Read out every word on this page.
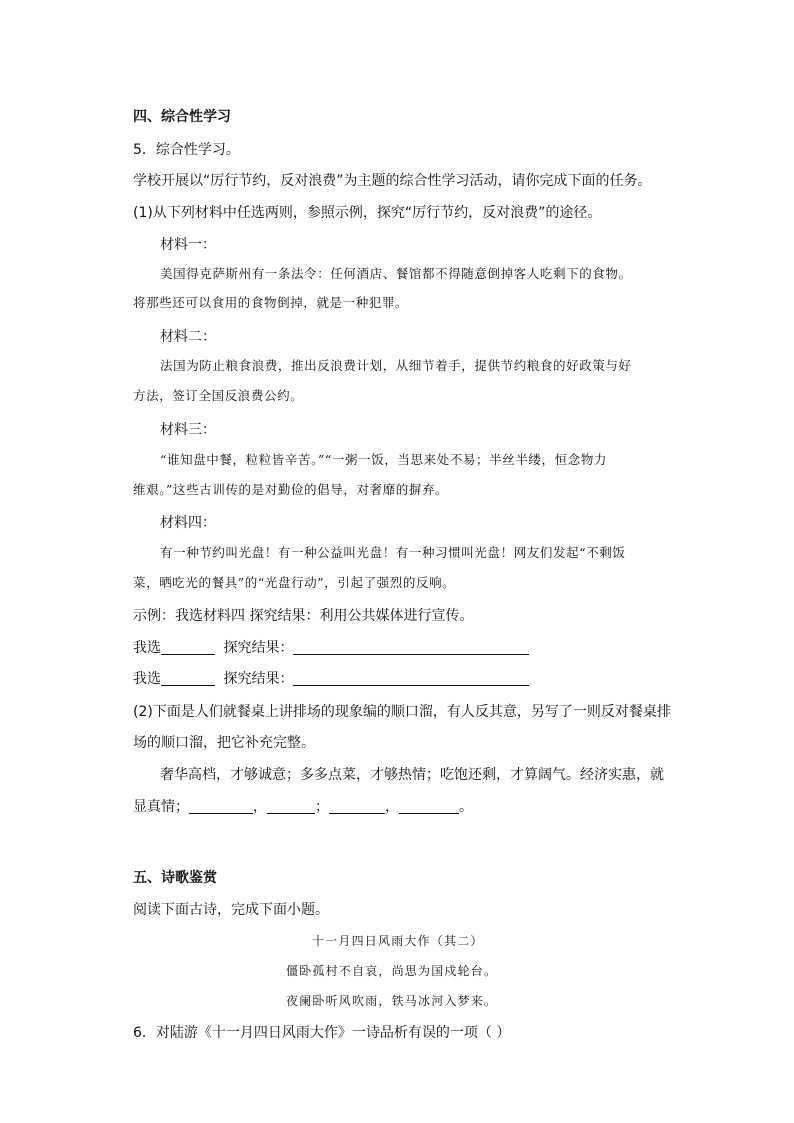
四、综合性学习
5．综合性学习。
学校开展以“厉行节约，反对浪费”为主题的综合性学习活动，请你完成下面的任务。
(1)从下列材料中任选两则，参照示例，探究“厉行节约，反对浪费”的途径。
材料一：
美国得克萨斯州有一条法令：任何酒店、餐馆都不得随意倒掉客人吃剩下的食物。
将那些还可以食用的食物倒掉，就是一种犯罪。
材料二：
法国为防止粮食浪费，推出反浪费计划，从细节着手，提供节约粮食的好政策与好
方法，签订全国反浪费公约。
材料三：
“谁知盘中餐，粒粒皆辛苦。”“一粥一饭，当思来处不易；半丝半缕，恒念物力
维艰。”这些古训传的是对勤俭的倡导，对奢靡的摒弃。
材料四：
有一种节约叫光盘！有一种公益叫光盘！有一种习惯叫光盘！网友们发起“不剩饭
菜，晒吃光的餐具”的“光盘行动”，引起了强烈的反响。
示例：我选材料四 探究结果：利用公共媒体进行宣传。
我选	探究结果：
我选	探究结果：
(2)下面是人们就餐桌上讲排场的现象编的顺口溜，有人反其意，另写了一则反对餐桌排
场的顺口溜，把它补充完整。
奢华高档，才够诚意；多多点菜，才够热情；吃饱还剩，才算阔气。经济实惠，就
显真情；	，	；	，	。
五、诗歌鉴赏
阅读下面古诗，完成下面小题。
十一月四日风雨大作（其二）
僵卧孤村不自哀，尚思为国戍轮台。
夜阑卧听风吹雨，铁马冰河入梦来。
6．对陆游《十一月四日风雨大作》一诗品析有误的一项（ ）
